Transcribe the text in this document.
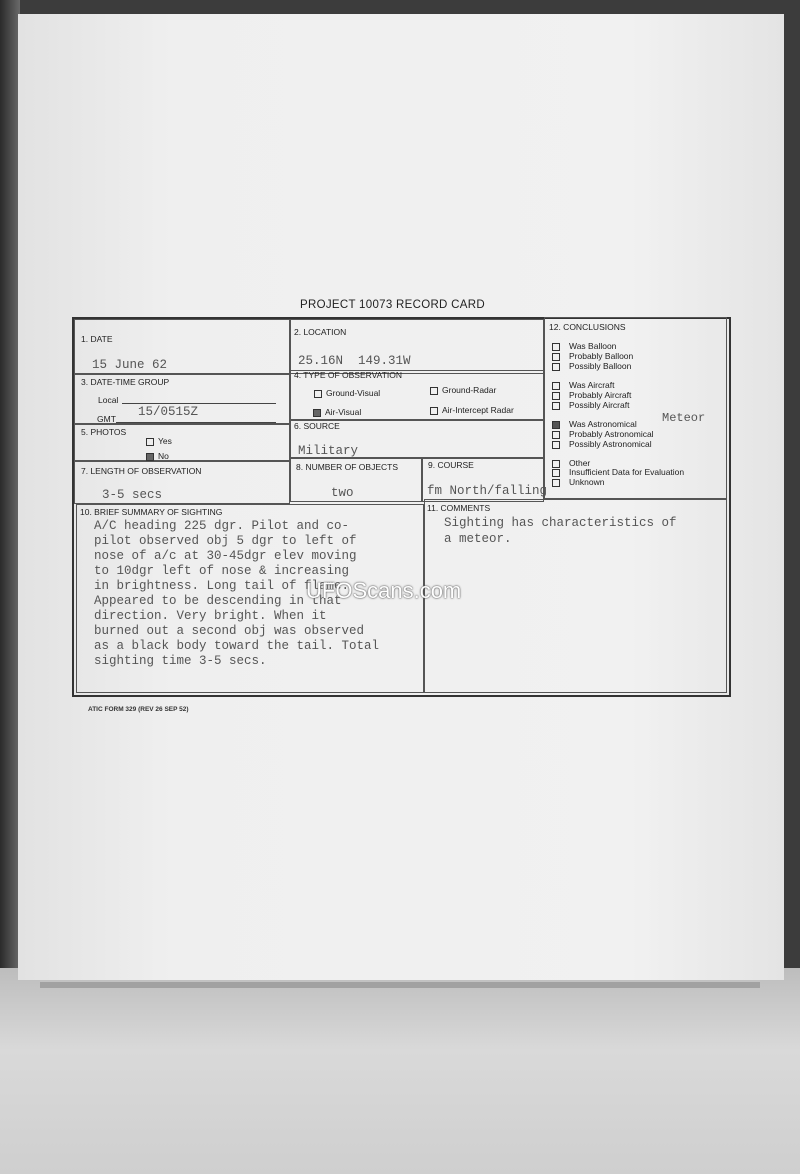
PROJECT 10073 RECORD CARD
1. DATE
15 June 62
2. LOCATION
25.16N  149.31W
3. DATE-TIME GROUP
Local
GMT 15/0515Z
4. TYPE OF OBSERVATION
Ground-Visual	Ground-Radar
Air-Visual	Air-Intercept Radar
5. PHOTOS
Yes
No
6. SOURCE
Military
7. LENGTH OF OBSERVATION
3-5 secs
8. NUMBER OF OBJECTS
two
9. COURSE
fm North/falling
10. BRIEF SUMMARY OF SIGHTING
A/C heading 225 dgr. Pilot and co-
pilot observed obj 5 dgr to left of
nose of a/c at 30-45dgr elev moving
to 10dgr left of nose & increasing
in brightness. Long tail of flame.
Appeared to be descending in that
direction. Very bright. When it
burned out a second obj was observed
as a black body toward the tail. Total
sighting time 3-5 secs.
11. COMMENTS
Sighting has characteristics of
a meteor.
12. CONCLUSIONS
Was Balloon
Probably Balloon
Possibly Balloon
Was Aircraft
Probably Aircraft
Possibly Aircraft
Was Astronomical
Probably Astronomical
Possibly Astronomical
Other
Insufficient Data for Evaluation
Unknown
Meteor
ATIC FORM 329 (REV 26 SEP 52)
UFOScans.com
